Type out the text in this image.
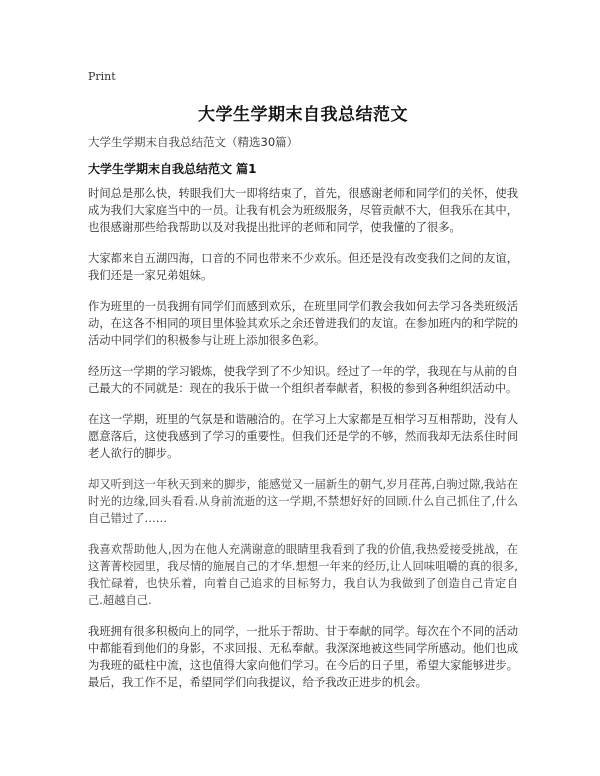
Print
大学生学期末自我总结范文
大学生学期末自我总结范文（精选30篇）
大学生学期末自我总结范文 篇1

时间总是那么快，转眼我们大一即将结束了，首先，很感谢老师和同学们的关怀，使我成为我们大家庭当中的一员。让我有机会为班级服务，尽管贡献不大，但我乐在其中，也很感谢那些给我帮助以及对我提出批评的老师和同学，使我懂的了很多。

大家都来自五湖四海，口音的不同也带来不少欢乐。但还是没有改变我们之间的友谊，我们还是一家兄弟姐妹。

作为班里的一员我拥有同学们而感到欢乐，在班里同学们教会我如何去学习各类班级活动，在这各不相同的项目里体验其欢乐之余还曾进我们的友谊。在参加班内的和学院的活动中同学们的积极参与让班上添加很多色彩。

经历这一学期的学习锻炼，使我学到了不少知识。经过了一年的学，我现在与从前的自己最大的不同就是：现在的我乐于做一个组织者奉献者，积极的参到各种组织活动中。

在这一学期，班里的气氛是和谐融洽的。在学习上大家都是互相学习互相帮助，没有人愿意落后，这使我感到了学习的重要性。但我们还是学的不够，然而我却无法系住时间老人欲行的脚步。

却又听到这一年秋天到来的脚步，能感觉又一届新生的朝气,岁月荏苒,白驹过隙,我站在时光的边缘,回头看看.从身前流逝的这一学期,不禁想好好的回顾.什么自己抓住了,什么自己错过了……

我喜欢帮助他人,因为在他人充满谢意的眼睛里我看到了我的价值,我热爱接受挑战，在这菁菁校园里，我尽情的施展自己的才华.想想一年来的经历,让人回味咀嚼的真的很多,我忙碌着，也快乐着，向着自己追求的目标努力，我自认为我做到了创造自己肯定自己.超越自己.

我班拥有很多积极向上的同学，一批乐于帮助、甘于奉献的同学。每次在个不同的活动中都能看到他们的身影，不求回报、无私奉献。我深深地被这些同学所感动。他们也成为我班的砥柱中流，这也值得大家向他们学习。在今后的日子里，希望大家能够进步。最后，我工作不足，希望同学们向我提议，给予我改正进步的机会。
